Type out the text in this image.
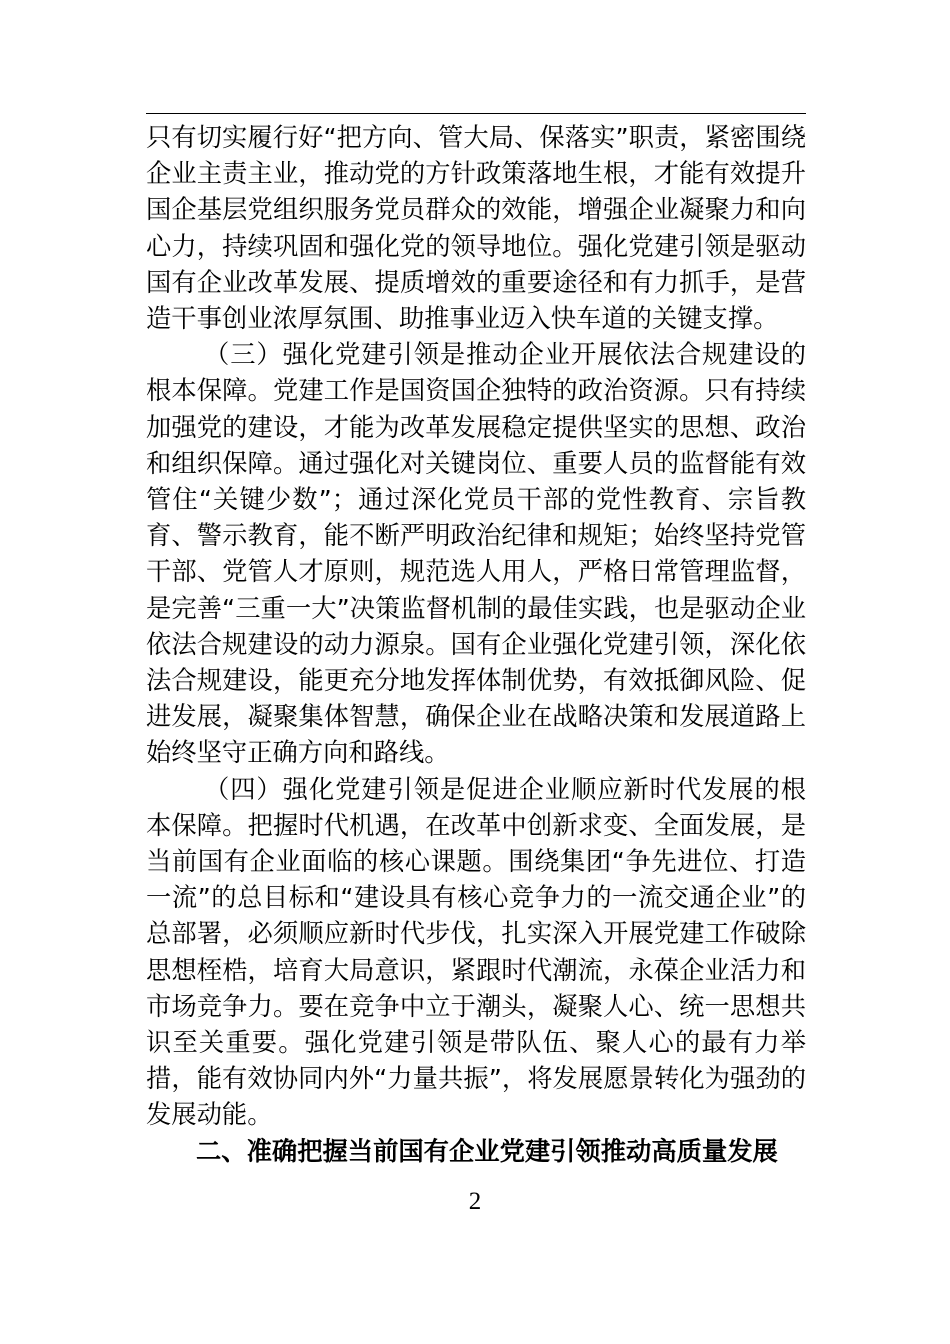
只有切实履行好“把方向、管大局、保落实”职责，紧密围绕企业主责主业，推动党的方针政策落地生根，才能有效提升国企基层党组织服务党员群众的效能，增强企业凝聚力和向心力，持续巩固和强化党的领导地位。强化党建引领是驱动国有企业改革发展、提质增效的重要途径和有力抓手，是营造干事创业浓厚氛围、助推事业迈入快车道的关键支撑。

（三）强化党建引领是推动企业开展依法合规建设的根本保障。党建工作是国资国企独特的政治资源。只有持续加强党的建设，才能为改革发展稳定提供坚实的思想、政治和组织保障。通过强化对关键岗位、重要人员的监督能有效管住“关键少数”；通过深化党员干部的党性教育、宗旨教育、警示教育，能不断严明政治纪律和规矩；始终坚持党管干部、党管人才原则，规范选人用人，严格日常管理监督，是完善“三重一大”决策监督机制的最佳实践，也是驱动企业依法合规建设的动力源泉。国有企业强化党建引领，深化依法合规建设，能更充分地发挥体制优势，有效抵御风险、促进发展，凝聚集体智慧，确保企业在战略决策和发展道路上始终坚守正确方向和路线。

（四）强化党建引领是促进企业顺应新时代发展的根本保障。把握时代机遇，在改革中创新求变、全面发展，是当前国有企业面临的核心课题。围绕集团“争先进位、打造一流”的总目标和“建设具有核心竞争力的一流交通企业”的总部署，必须顺应新时代步伐，扎实深入开展党建工作破除思想桎梏，培育大局意识，紧跟时代潮流，永葆企业活力和市场竞争力。要在竞争中立于潮头，凝聚人心、统一思想共识至关重要。强化党建引领是带队伍、聚人心的最有力举措，能有效协同内外“力量共振”，将发展愿景转化为强劲的发展动能。

二、准确把握当前国有企业党建引领推动高质量发展

2
